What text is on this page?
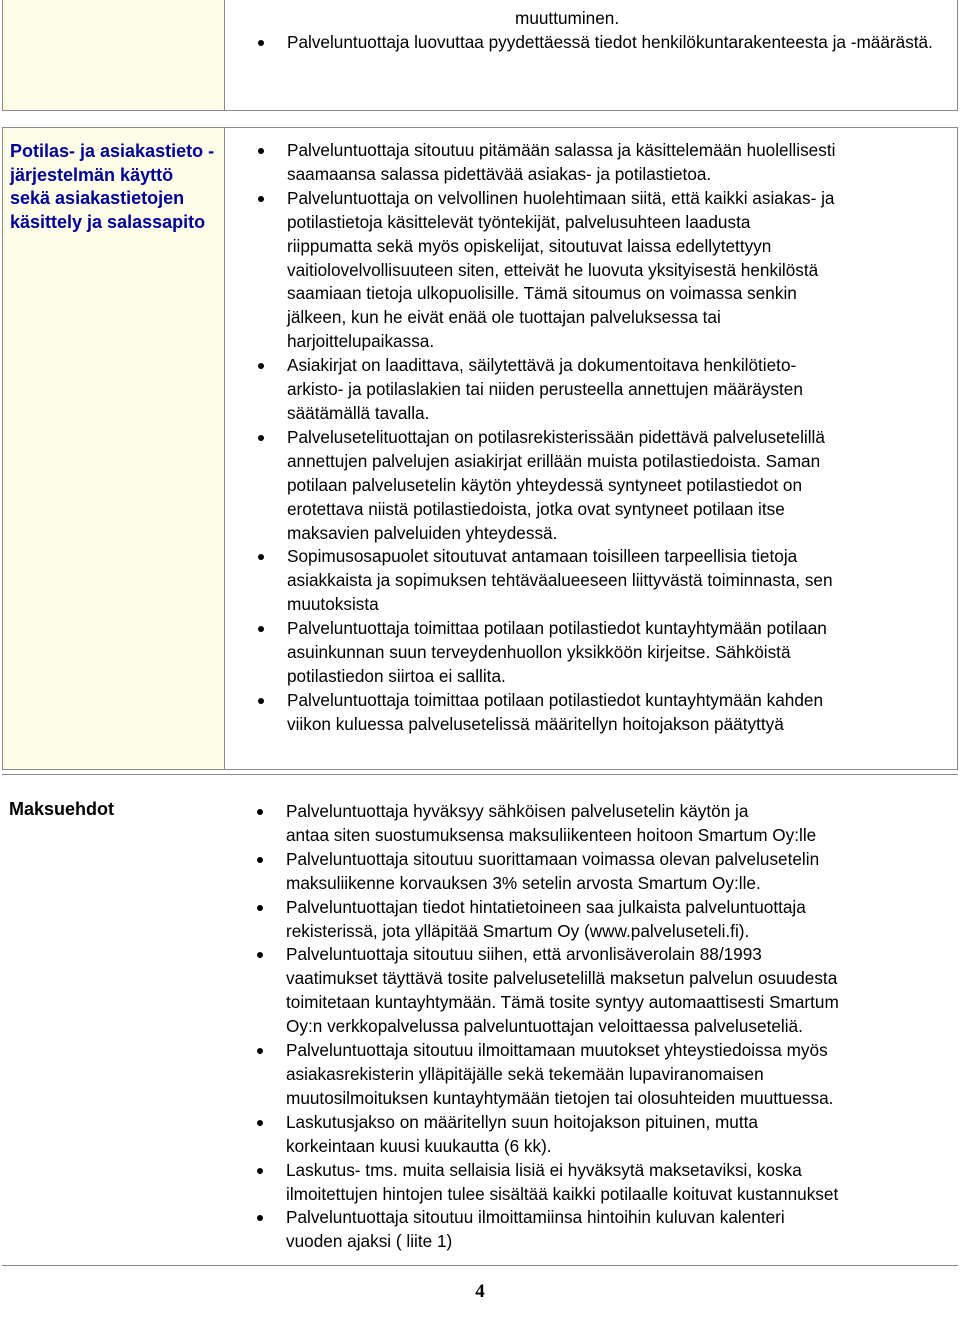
muuttuminen.
Palveluntuottaja luovuttaa pyydettäessä tiedot henkilökuntarakenteesta ja -määrästä.
Potilas- ja asiakastieto - järjestelmän käyttö sekä asiakastietojen käsittely ja salassapito
Palveluntuottaja sitoutuu pitämään salassa ja käsittelemään huolellisesti
saamaansa salassa pidettävää asiakas- ja potilastietoa.
Palveluntuottaja on velvollinen huolehtimaan siitä, että kaikki asiakas- ja
potilastietoja käsittelevät työntekijät, palvelusuhteen laadusta
riippumatta sekä myös opiskelijat, sitoutuvat laissa edellytettyyn
vaitiolovelvollisuuteen siten, etteivät he luovuta yksityisestä henkilöstä
saamiaan tietoja ulkopuolisille. Tämä sitoumus on voimassa senkin
jälkeen, kun he eivät enää ole tuottajan palveluksessa tai
harjoittelupaikassa.
Asiakirjat on laadittava, säilytettävä ja dokumentoitava henkilötieto-
arkisto- ja potilaslakien tai niiden perusteella annettujen määräysten
säätämällä tavalla.
Palvelusetelituottajan on potilasrekisterissään pidettävä palvelusetelillä
annettujen palvelujen asiakirjat erillään muista potilastiedoista. Saman
potilaan palvelusetelin käytön yhteydessä syntyneet potilastiedot on
erotettava niistä potilastiedoista, jotka ovat syntyneet potilaan itse
maksavien palveluiden yhteydessä.
Sopimusosapuolet sitoutuvat antamaan toisilleen tarpeellisia tietoja
asiakkaista ja sopimuksen tehtäväalueeseen liittyvästä toiminnasta, sen
muutoksista
Palveluntuottaja toimittaa potilaan potilastiedot kuntayhtymään potilaan
asuinkunnan suun terveydenhuollon yksikköön kirjeitse. Sähköistä
potilastiedon siirtoa ei sallita.
Palveluntuottaja toimittaa potilaan potilastiedot kuntayhtymään kahden
viikon kuluessa palvelusetelissä määritellyn hoitojakson päätyttyä
Maksuehdot	Palveluntuottaja hyväksyy sähköisen palvelusetelin käytön ja
antaa siten suostumuksensa maksuliikenteen hoitoon Smartum Oy:lle
Palveluntuottaja sitoutuu suorittamaan voimassa olevan palvelusetelin
maksuliikenne korvauksen 3% setelin arvosta Smartum Oy:lle.
Palveluntuottajan tiedot hintatietoineen saa julkaista palveluntuottaja
rekisterissä, jota ylläpitää Smartum Oy (www.palveluseteli.fi).
Palveluntuottaja sitoutuu siihen, että arvonlisäverolain 88/1993
vaatimukset täyttävä tosite palvelusetelillä maksetun palvelun osuudesta
toimitetaan kuntayhtymään. Tämä tosite syntyy automaattisesti Smartum
Oy:n verkkopalvelussa palveluntuottajan veloittaessa palveluseteliä.
Palveluntuottaja sitoutuu ilmoittamaan muutokset yhteystiedoissa myös
asiakasrekisterin ylläpitäjälle sekä tekemään lupaviranomaisen
muutosilmoituksen kuntayhtymään tietojen tai olosuhteiden muuttuessa.
Laskutusjakso on määritellyn suun hoitojakson pituinen, mutta
korkeintaan kuusi kuukautta (6 kk).
Laskutus- tms. muita sellaisia lisiä ei hyväksytä maksetaviksi, koska
ilmoitettujen hintojen tulee sisältää kaikki potilaalle koituvat kustannukset
Palveluntuottaja sitoutuu ilmoittamiinsa hintoihin kuluvan kalenteri
vuoden ajaksi ( liite 1)
4
